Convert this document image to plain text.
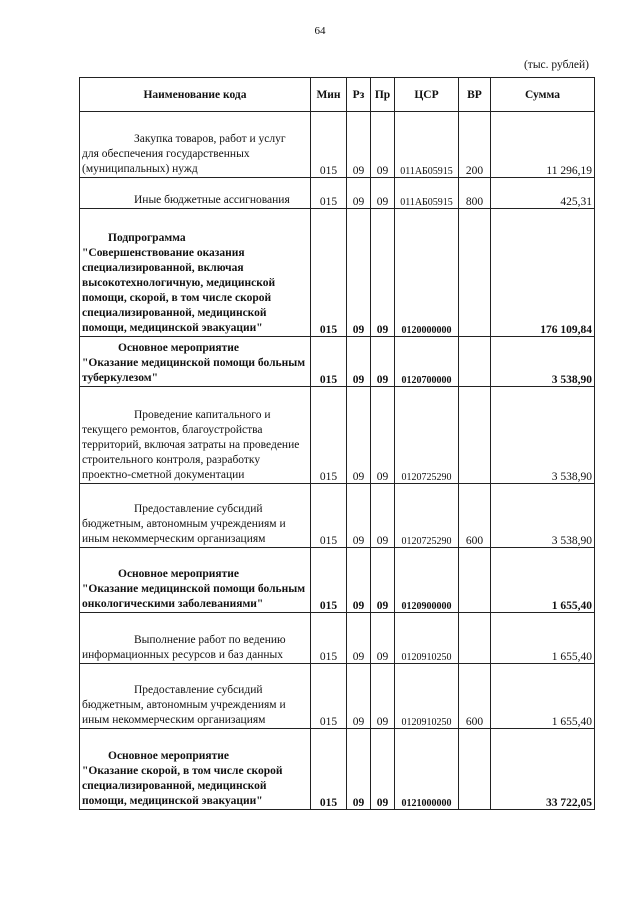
64
(тыс. рублей)
Наименование кода	Мин	Рз	Пр	ЦСР	ВР	Сумма

Закупка товаров, работ и услуг
для обеспечения государственных (муниципальных) нужд	015	09	09	011АБ05915	200	11 296,19

Иные бюджетные ассигнования	015	09	09	011АБ05915	800	425,31

Подпрограмма
"Совершенствование оказания специализированной, включая высокотехнологичную, медицинской помощи, скорой, в том числе скорой специализированной, медицинской помощи, медицинской эвакуации"	015	09	09	0120000000		176 109,84

Основное мероприятие
"Оказание медицинской помощи больным туберкулезом"	015	09	09	0120700000		3 538,90

Проведение капитального и
текущего ремонтов, благоустройства территорий, включая затраты на проведение строительного контроля, разработку проектно-сметной документации	015	09	09	0120725290		3 538,90

Предоставление субсидий
бюджетным, автономным учреждениям и иным некоммерческим организациям	015	09	09	0120725290	600	3 538,90

Основное мероприятие
"Оказание медицинской помощи больным онкологическими заболеваниями"	015	09	09	0120900000		1 655,40

Выполнение работ по ведению
информационных ресурсов и баз данных	015	09	09	0120910250		1 655,40

Предоставление субсидий
бюджетным, автономным учреждениям и иным некоммерческим организациям	015	09	09	0120910250	600	1 655,40

Основное мероприятие
"Оказание скорой, в том числе скорой специализированной, медицинской помощи, медицинской эвакуации"	015	09	09	0121000000		33 722,05
